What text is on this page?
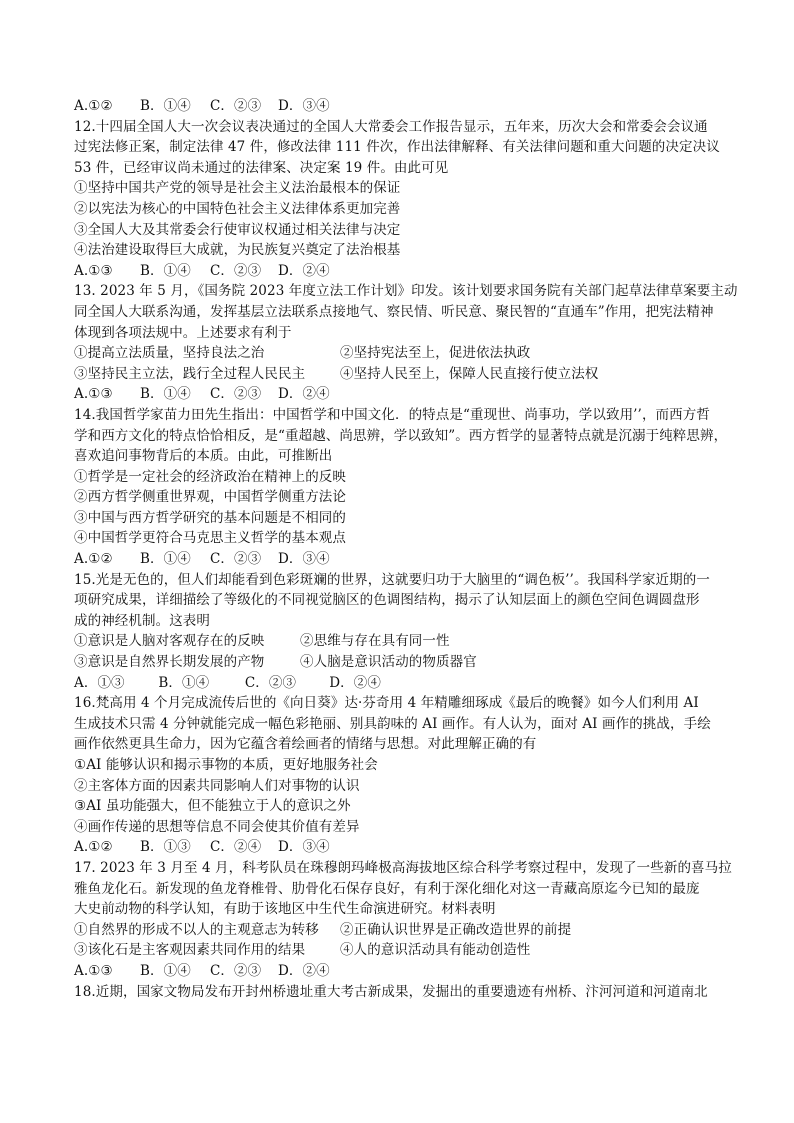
A.①②	B．①④	C．②③	D．③④
12.十四届全国人大一次会议表决通过的全国人大常委会工作报告显示，五年来，历次大会和常委会会议通
过宪法修正案，制定法律 47 件，修改法律 111 件次，作出法律解释、有关法律问题和重大问题的决定决议
53 件，已经审议尚未通过的法律案、决定案 19 件。由此可见
①坚持中国共产党的领导是社会主义法治最根本的保证
②以宪法为核心的中国特色社会主义法律体系更加完善
③全国人大及其常委会行使审议权通过相关法律与决定
④法治建设取得巨大成就，为民族复兴奠定了法治根基
A.①③	B．①④	C．②③	D．②④
13. 2023 年 5 月，《国务院 2023 年度立法工作计划》印发。该计划要求国务院有关部门起草法律草案要主动
同全国人大联系沟通，发挥基层立法联系点接地气、察民情、听民意、聚民智的“直通车”作用，把宪法精神
体现到各项法规中。上述要求有利于
①提高立法质量，坚持良法之治	②坚持宪法至上，促进依法执政
③坚持民主立法，践行全过程人民民主	④坚持人民至上，保障人民直接行使立法权
A.①③	B．①④	C．②③	D．②④
14.我国哲学家苗力田先生指出：中国哲学和中国文化．的特点是“重现世、尚事功，学以致用’’，而西方哲
学和西方文化的特点恰恰相反，是“重超越、尚思辨，学以致知”。西方哲学的显著特点就是沉溺于纯粹思辨，
喜欢追问事物背后的本质。由此，可推断出
①哲学是一定社会的经济政治在精神上的反映
②西方哲学侧重世界观，中国哲学侧重方法论
③中国与西方哲学研究的基本问题是不相同的
④中国哲学更符合马克思主义哲学的基本观点
A.①②	B．①④	C．②③	D．③④
15.光是无色的，但人们却能看到色彩斑斓的世界，这就要归功于大脑里的“调色板’’。我国科学家近期的一
项研究成果，详细描绘了等级化的不同视觉脑区的色调图结构，揭示了认知层面上的颜色空间色调圆盘形
成的神经机制。这表明
①意识是人脑对客观存在的反映	②思维与存在具有同一性
③意识是自然界长期发展的产物	④人脑是意识活动的物质器官
A．①③	B．①④	C．②③ D．②④
16.梵高用 4 个月完成流传后世的《向日葵》达·芬奇用 4 年精雕细琢成《最后的晚餐》如今人们利用 AI
生成技术只需 4 分钟就能完成一幅色彩艳丽、别具韵味的 AI 画作。有人认为，面对 AI 画作的挑战，手绘
画作依然更具生命力，因为它蕴含着绘画者的情绪与思想。对此理解正确的有
①AI 能够认识和揭示事物的本质，更好地服务社会
②主客体方面的因素共同影响人们对事物的认识
③AI 虽功能强大，但不能独立于人的意识之外
④画作传递的思想等信息不同会使其价值有差异
A.①②	B．①③	C．②④	D．③④
17. 2023 年 3 月至 4 月，科考队员在珠穆朗玛峰极高海拔地区综合科学考察过程中，发现了一些新的喜马拉
雅鱼龙化石。新发现的鱼龙脊椎骨、肋骨化石保存良好，有利于深化细化对这一青藏高原迄今已知的最庞
大史前动物的科学认知，有助于该地区中生代生命演进研究。材料表明
①自然界的形成不以人的主观意志为转移	②正确认识世界是正确改造世界的前提
③该化石是主客观因素共同作用的结果	④人的意识活动具有能动创造性
A.①③	B．①④	C．②③	D．②④
18.近期，国家文物局发布开封州桥遗址重大考古新成果，发掘出的重要遗迹有州桥、汴河河道和河道南北
